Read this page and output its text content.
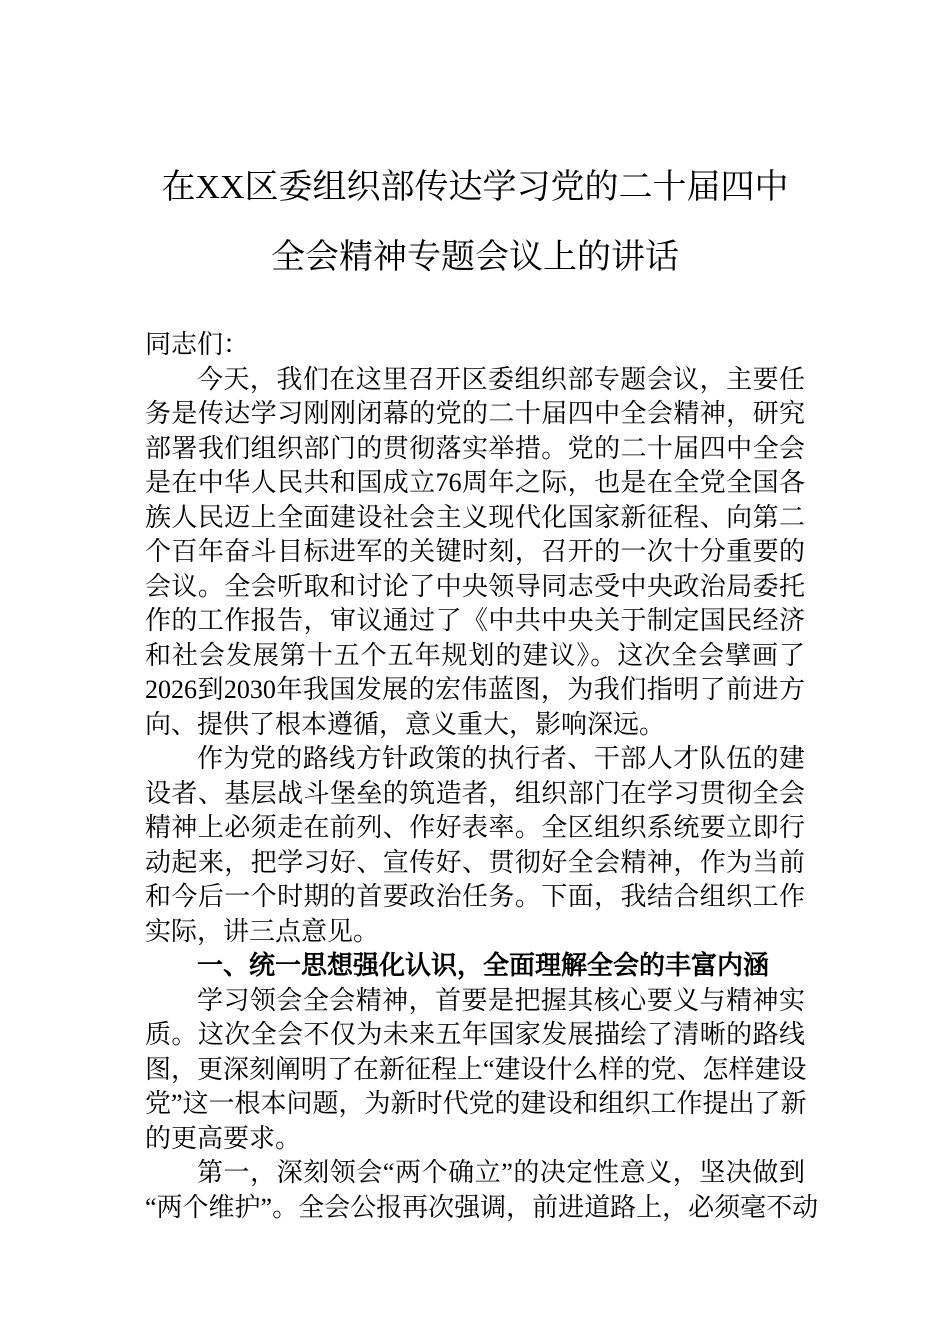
在XX区委组织部传达学习党的二十届四中
全会精神专题会议上的讲话
同志们：
今天，我们在这里召开区委组织部专题会议，主要任
务是传达学习刚刚闭幕的党的二十届四中全会精神，研究
部署我们组织部门的贯彻落实举措。党的二十届四中全会
是在中华人民共和国成立76周年之际，也是在全党全国各
族人民迈上全面建设社会主义现代化国家新征程、向第二
个百年奋斗目标进军的关键时刻，召开的一次十分重要的
会议。全会听取和讨论了中央领导同志受中央政治局委托
作的工作报告，审议通过了《中共中央关于制定国民经济
和社会发展第十五个五年规划的建议》。这次全会擘画了
2026到2030年我国发展的宏伟蓝图，为我们指明了前进方
向、提供了根本遵循，意义重大，影响深远。
作为党的路线方针政策的执行者、干部人才队伍的建
设者、基层战斗堡垒的筑造者，组织部门在学习贯彻全会
精神上必须走在前列、作好表率。全区组织系统要立即行
动起来，把学习好、宣传好、贯彻好全会精神，作为当前
和今后一个时期的首要政治任务。下面，我结合组织工作
实际，讲三点意见。
一、统一思想强化认识，全面理解全会的丰富内涵
学习领会全会精神，首要是把握其核心要义与精神实
质。这次全会不仅为未来五年国家发展描绘了清晰的路线
图，更深刻阐明了在新征程上“建设什么样的党、怎样建设
党”这一根本问题，为新时代党的建设和组织工作提出了新
的更高要求。
第一，深刻领会“两个确立”的决定性意义，坚决做到
“两个维护”。全会公报再次强调，前进道路上，必须毫不动
